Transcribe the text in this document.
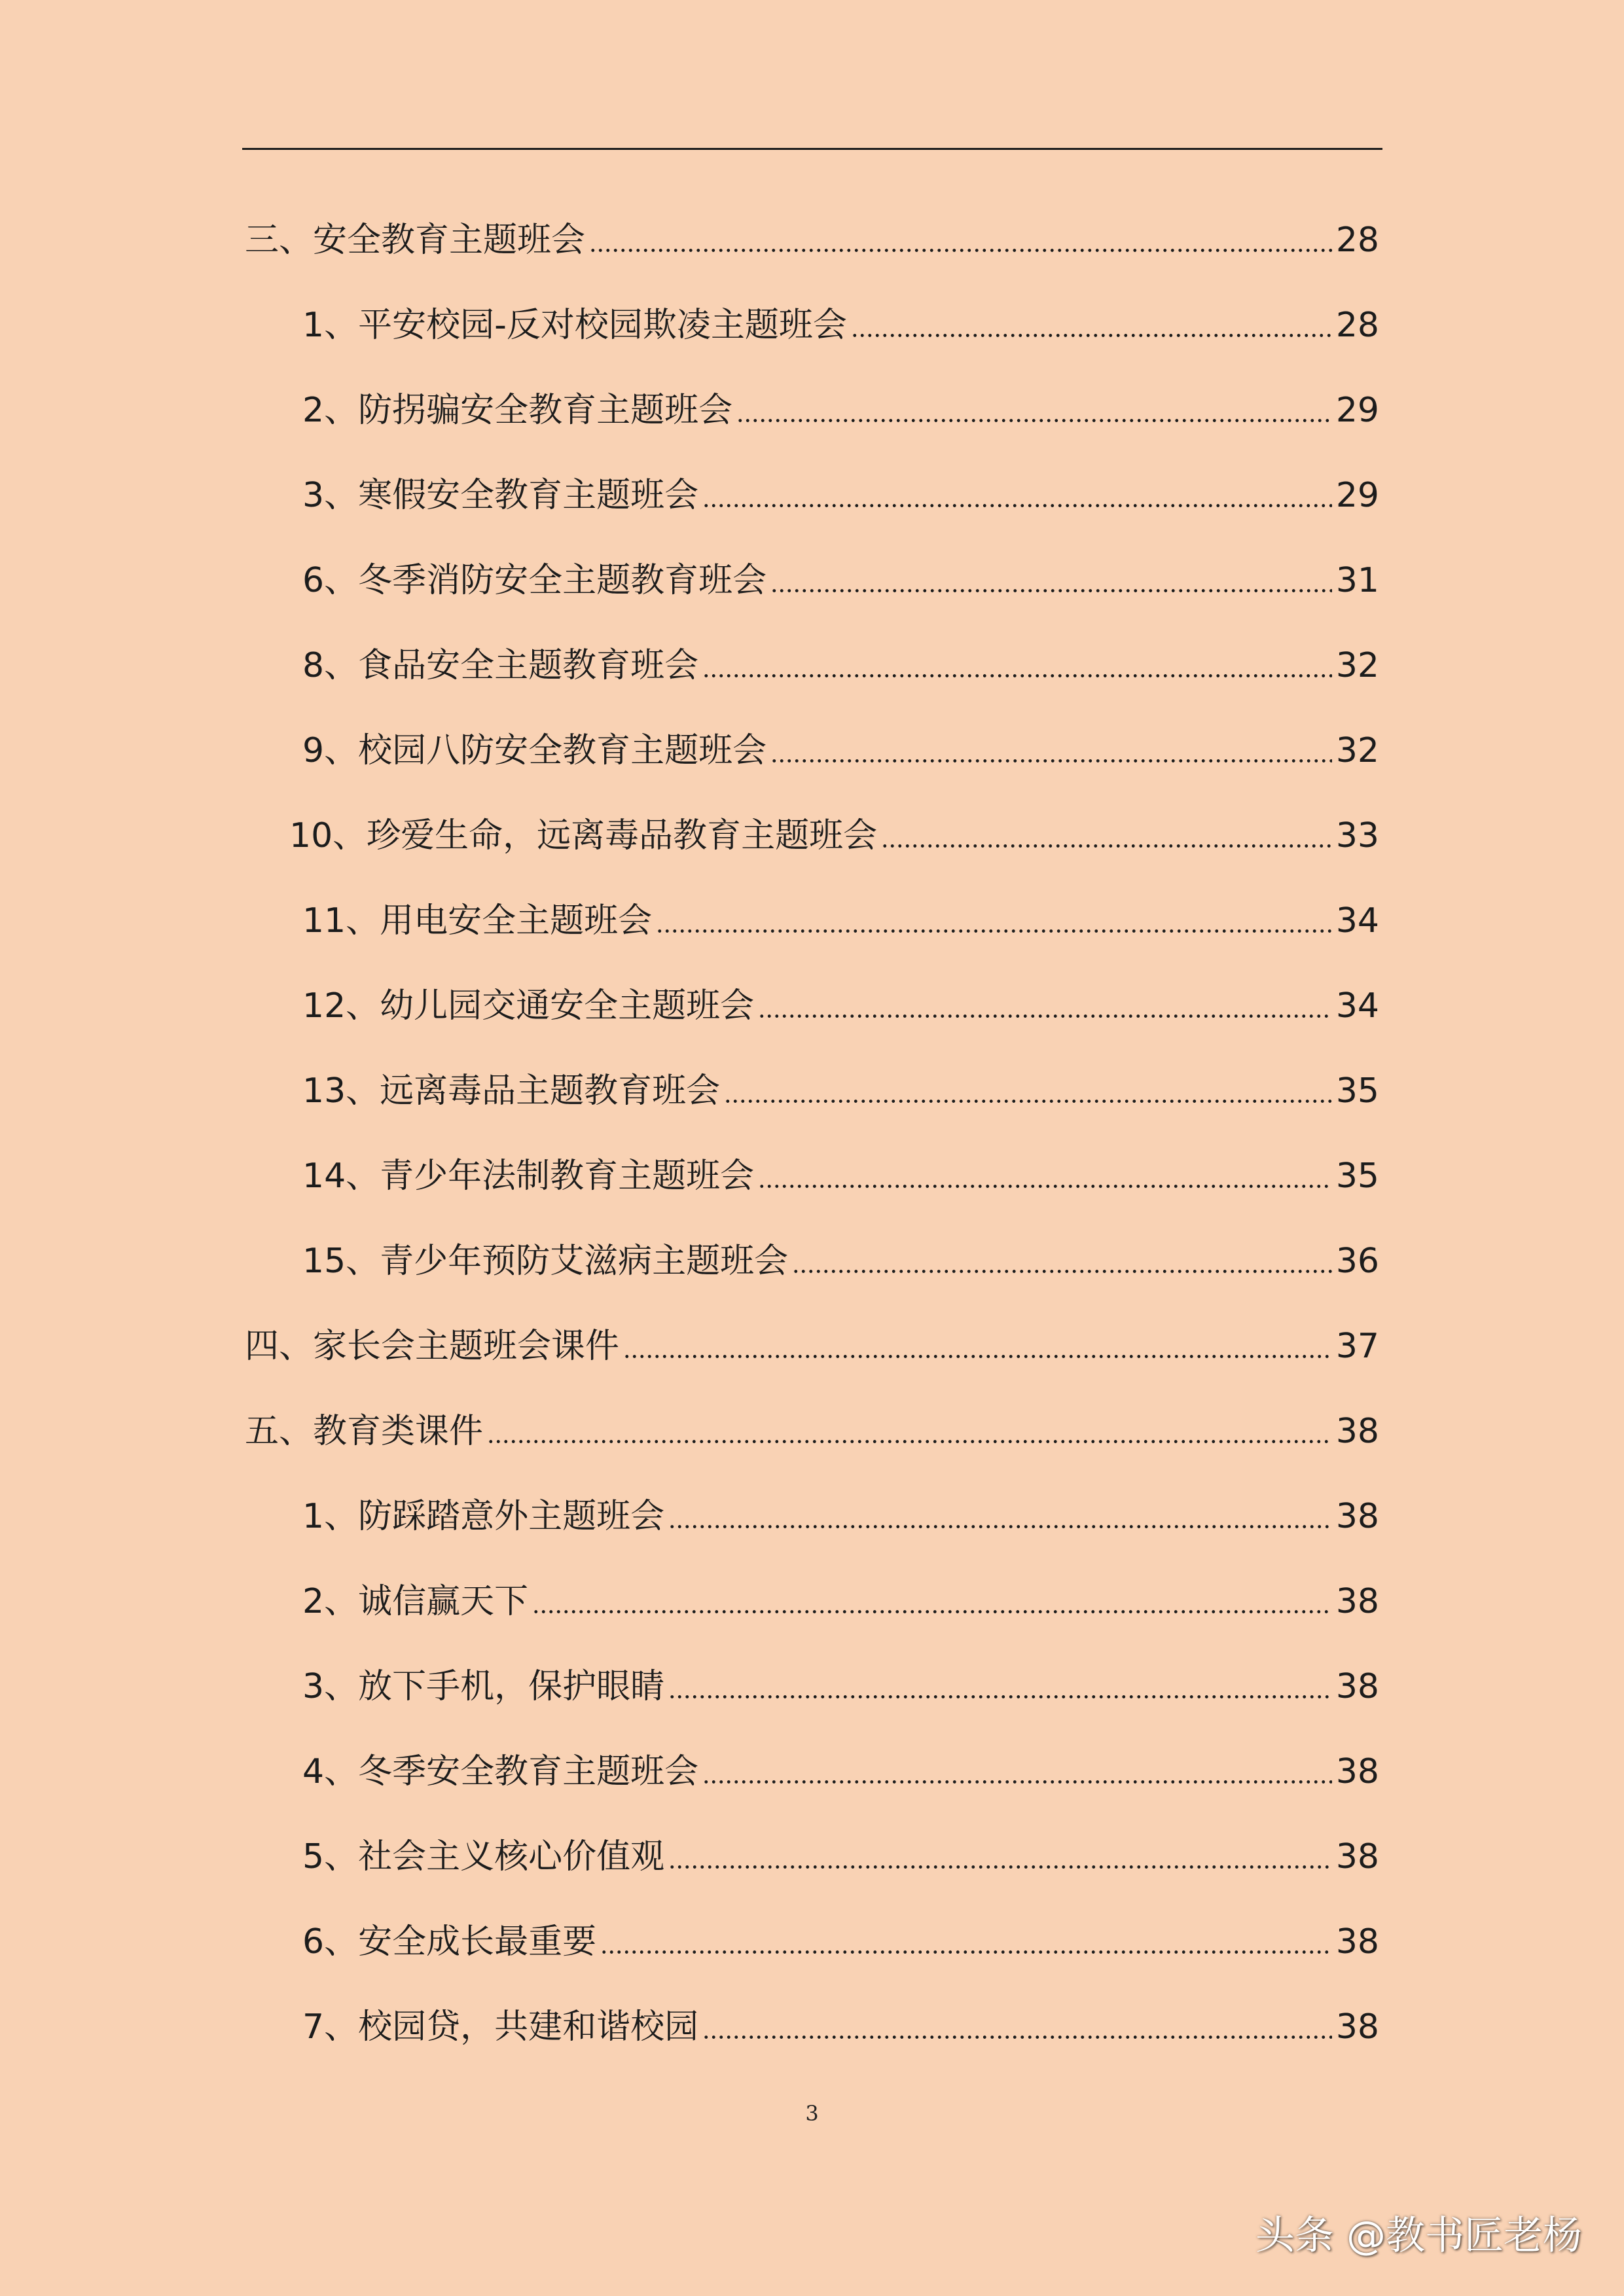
三、安全教育主题班会	28
1、平安校园-反对校园欺凌主题班会	28
2、防拐骗安全教育主题班会	29
3、寒假安全教育主题班会	29
6、冬季消防安全主题教育班会	31
8、食品安全主题教育班会	32
9、校园八防安全教育主题班会	32
10、珍爱生命，远离毒品教育主题班会	33
11、用电安全主题班会	34
12、幼儿园交通安全主题班会	34
13、远离毒品主题教育班会	35
14、青少年法制教育主题班会	35
15、青少年预防艾滋病主题班会	36
四、家长会主题班会课件	37
五、教育类课件	38
1、防踩踏意外主题班会	38
2、诚信赢天下	38
3、放下手机，保护眼睛	38
4、冬季安全教育主题班会	38
5、社会主义核心价值观	38
6、安全成长最重要	38
7、校园贷，共建和谐校园	38
3
头条 @教书匠老杨
